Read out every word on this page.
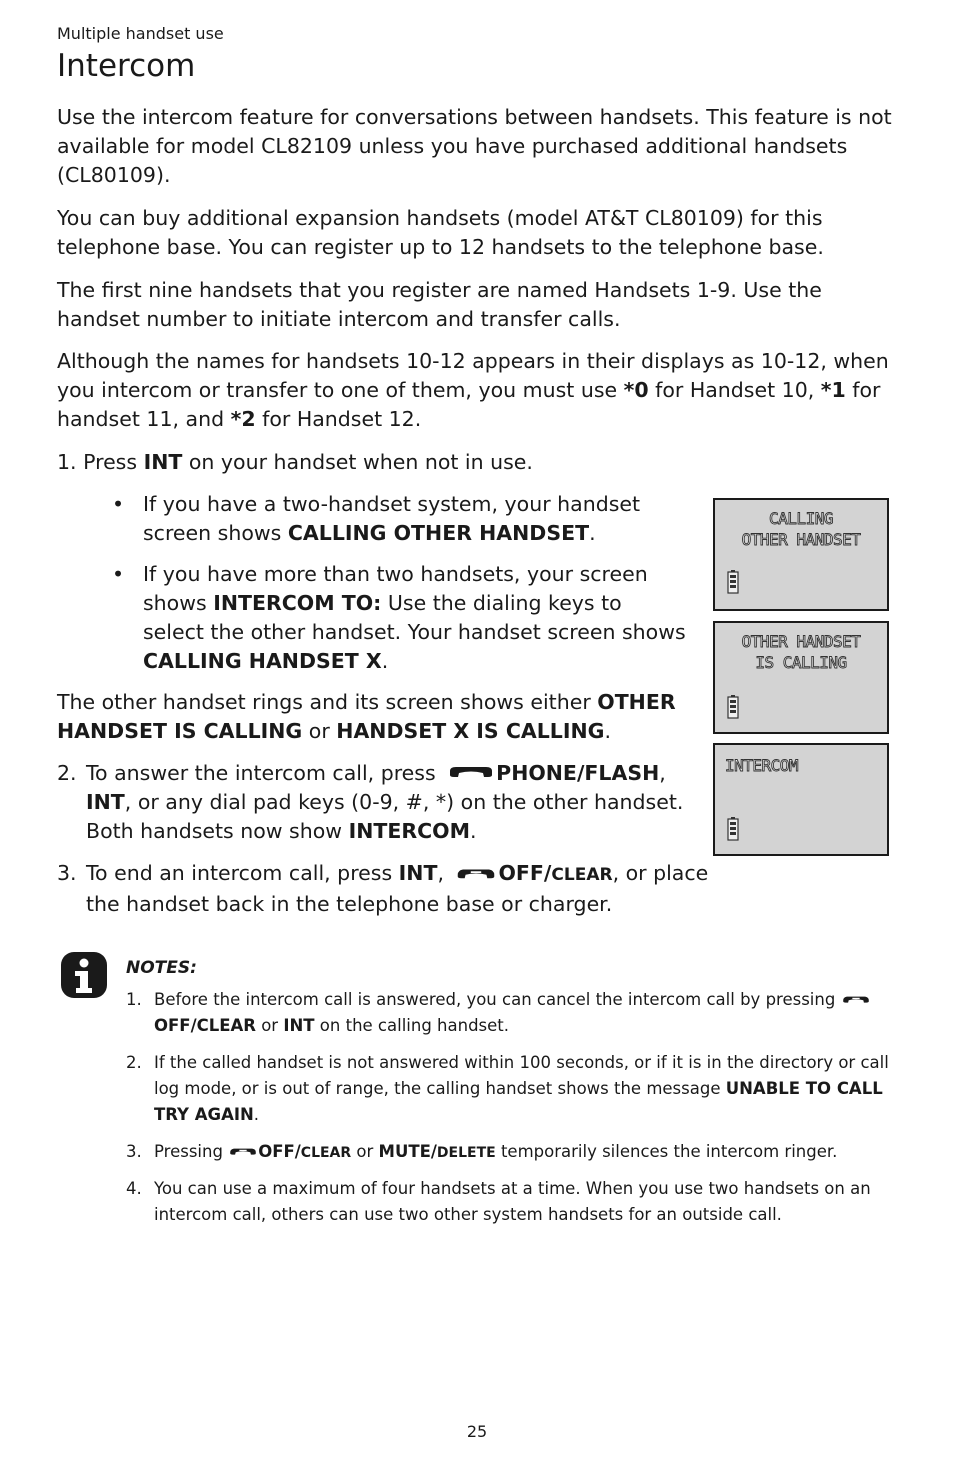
Multiple handset use
Intercom

Use the intercom feature for conversations between handsets. This feature is not available for model CL82109 unless you have purchased additional handsets (CL80109).

You can buy additional expansion handsets (model AT&T CL80109) for this telephone base. You can register up to 12 handsets to the telephone base.

The first nine handsets that you register are named Handsets 1-9. Use the handset number to initiate intercom and transfer calls.

Although the names for handsets 10-12 appears in their displays as 10-12, when you intercom or transfer to one of them, you must use *0 for Handset 10, *1 for handset 11, and *2 for Handset 12.

1. Press INT on your handset when not in use.
• If you have a two-handset system, your handset screen shows CALLING OTHER HANDSET.
• If you have more than two handsets, your screen shows INTERCOM TO: Use the dialing keys to select the other handset. Your handset screen shows CALLING HANDSET X.

The other handset rings and its screen shows either OTHER HANDSET IS CALLING or HANDSET X IS CALLING.

2. To answer the intercom call, press	PHONE/FLASH, INT, or any dial pad keys (0-9, #, *) on the other handset. Both handsets now show INTERCOM.
3. To end an intercom call, press INT, OFF/CLEAR, or place the handset back in the telephone base or charger.
CALLING
OTHER HANDSET
OTHER HANDSET
IS CALLING
INTERCOM
NOTES:
1. Before the intercom call is answered, you can cancel the intercom call by pressing OFF/CLEAR or INT on the calling handset.
2. If the called handset is not answered within 100 seconds, or if it is in the directory or call log mode, or is out of range, the calling handset shows the message UNABLE TO CALL TRY AGAIN.
3. Pressing OFF/CLEAR or MUTE/DELETE temporarily silences the intercom ringer.
4. You can use a maximum of four handsets at a time. When you use two handsets on an intercom call, others can use two other system handsets for an outside call.
25
